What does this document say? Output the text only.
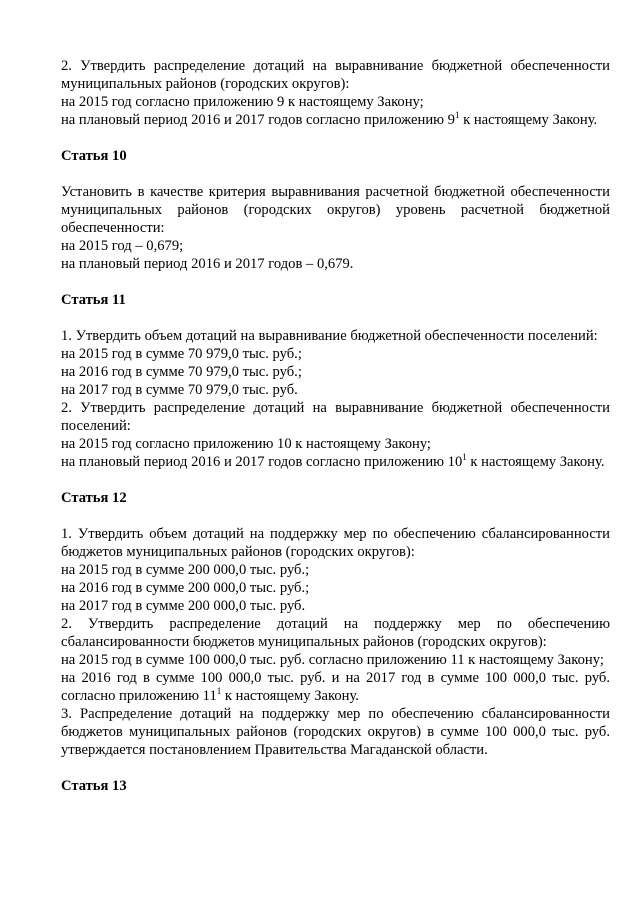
2. Утвердить распределение дотаций на выравнивание бюджетной обеспеченности муниципальных районов (городских округов):

на 2015 год согласно приложению 9 к настоящему Закону;

на плановый период 2016 и 2017 годов согласно приложению $9^1$ к настоящему Закону.

Статья 10

Установить в качестве критерия выравнивания расчетной бюджетной обеспеченности муниципальных районов (городских округов) уровень расчетной бюджетной обеспеченности:

на 2015 год – 0,679;

на плановый период 2016 и 2017 годов – 0,679.

Статья 11

1. Утвердить объем дотаций на выравнивание бюджетной обеспеченности поселений:

на 2015 год в сумме 70 979,0 тыс. руб.;

на 2016 год в сумме 70 979,0 тыс. руб.;

на 2017 год в сумме 70 979,0 тыс. руб.

2. Утвердить распределение дотаций на выравнивание бюджетной обеспеченности поселений:

на 2015 год согласно приложению 10 к настоящему Закону;

на плановый период 2016 и 2017 годов согласно приложению $10^1$ к настоящему Закону.

Статья 12

1. Утвердить объем дотаций на поддержку мер по обеспечению сбалансированности бюджетов муниципальных районов (городских округов):

на 2015 год в сумме 200 000,0 тыс. руб.;

на 2016 год в сумме 200 000,0 тыс. руб.;

на 2017 год в сумме 200 000,0 тыс. руб.

2. Утвердить распределение дотаций на поддержку мер по обеспечению сбалансированности бюджетов муниципальных районов (городских округов):

на 2015 год в сумме 100 000,0 тыс. руб. согласно приложению 11 к настоящему Закону;

на 2016 год в сумме 100 000,0 тыс. руб. и на 2017 год в сумме 100 000,0 тыс. руб. согласно приложению $11^1$ к настоящему Закону.

3. Распределение дотаций на поддержку мер по обеспечению сбалансированности бюджетов муниципальных районов (городских округов) в сумме 100 000,0 тыс. руб. утверждается постановлением Правительства Магаданской области.

Статья 13
